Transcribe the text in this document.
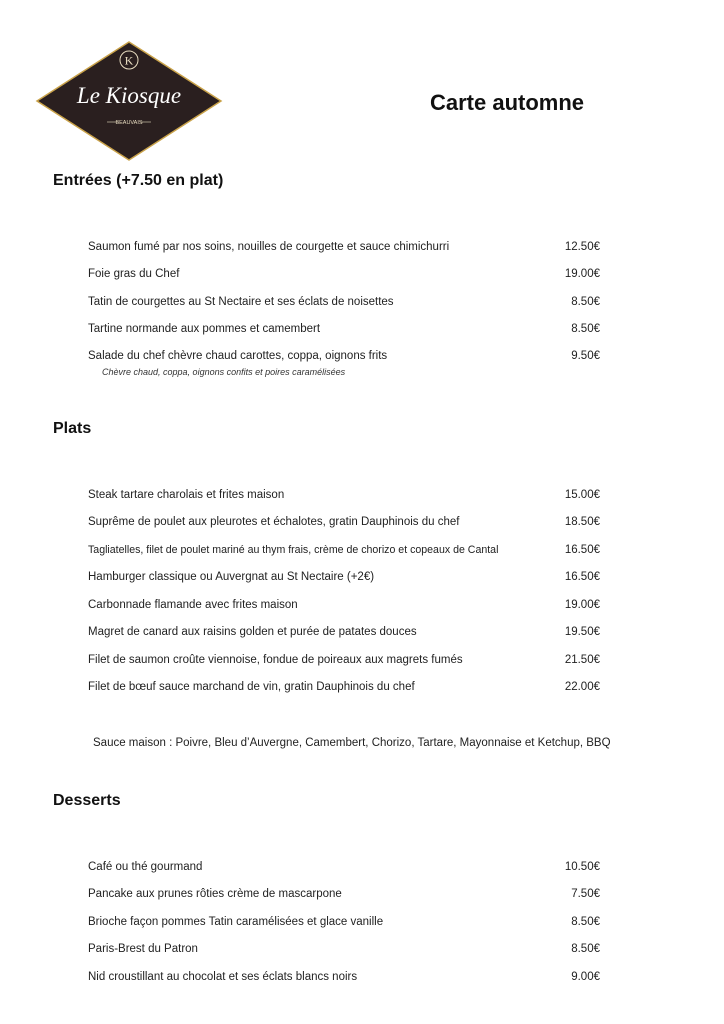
K
Le Kiosque
BEAUVAIS
Carte automne
Entrées (+7.50 en plat)
Saumon fumé par nos soins, nouilles de courgette et sauce chimichurri	12.50€
Foie gras du Chef	19.00€
Tatin de courgettes au St Nectaire et ses éclats de noisettes	8.50€
Tartine normande aux pommes et camembert	8.50€
Salade du chef chèvre chaud carottes, coppa, oignons frits	9.50€
Chèvre chaud, coppa, oignons confits et poires caramélisées
Plats
Steak tartare charolais et frites maison	15.00€
Suprême de poulet aux pleurotes et échalotes, gratin Dauphinois du chef	18.50€
Tagliatelles, filet de poulet mariné au thym frais, crème de chorizo et copeaux de Cantal	16.50€
Hamburger classique ou Auvergnat au St Nectaire (+2€)	16.50€
Carbonnade flamande avec frites maison	19.00€
Magret de canard aux raisins golden et purée de patates douces	19.50€
Filet de saumon croûte viennoise, fondue de poireaux aux magrets fumés	21.50€
Filet de bœuf sauce marchand de vin, gratin Dauphinois du chef	22.00€
Sauce maison : Poivre, Bleu d’Auvergne, Camembert, Chorizo, Tartare, Mayonnaise et Ketchup, BBQ
Desserts
Café ou thé gourmand	10.50€
Pancake aux prunes rôties crème de mascarpone	7.50€
Brioche façon pommes Tatin caramélisées et glace vanille	8.50€
Paris-Brest du Patron	8.50€
Nid croustillant au chocolat et ses éclats blancs noirs	9.00€
